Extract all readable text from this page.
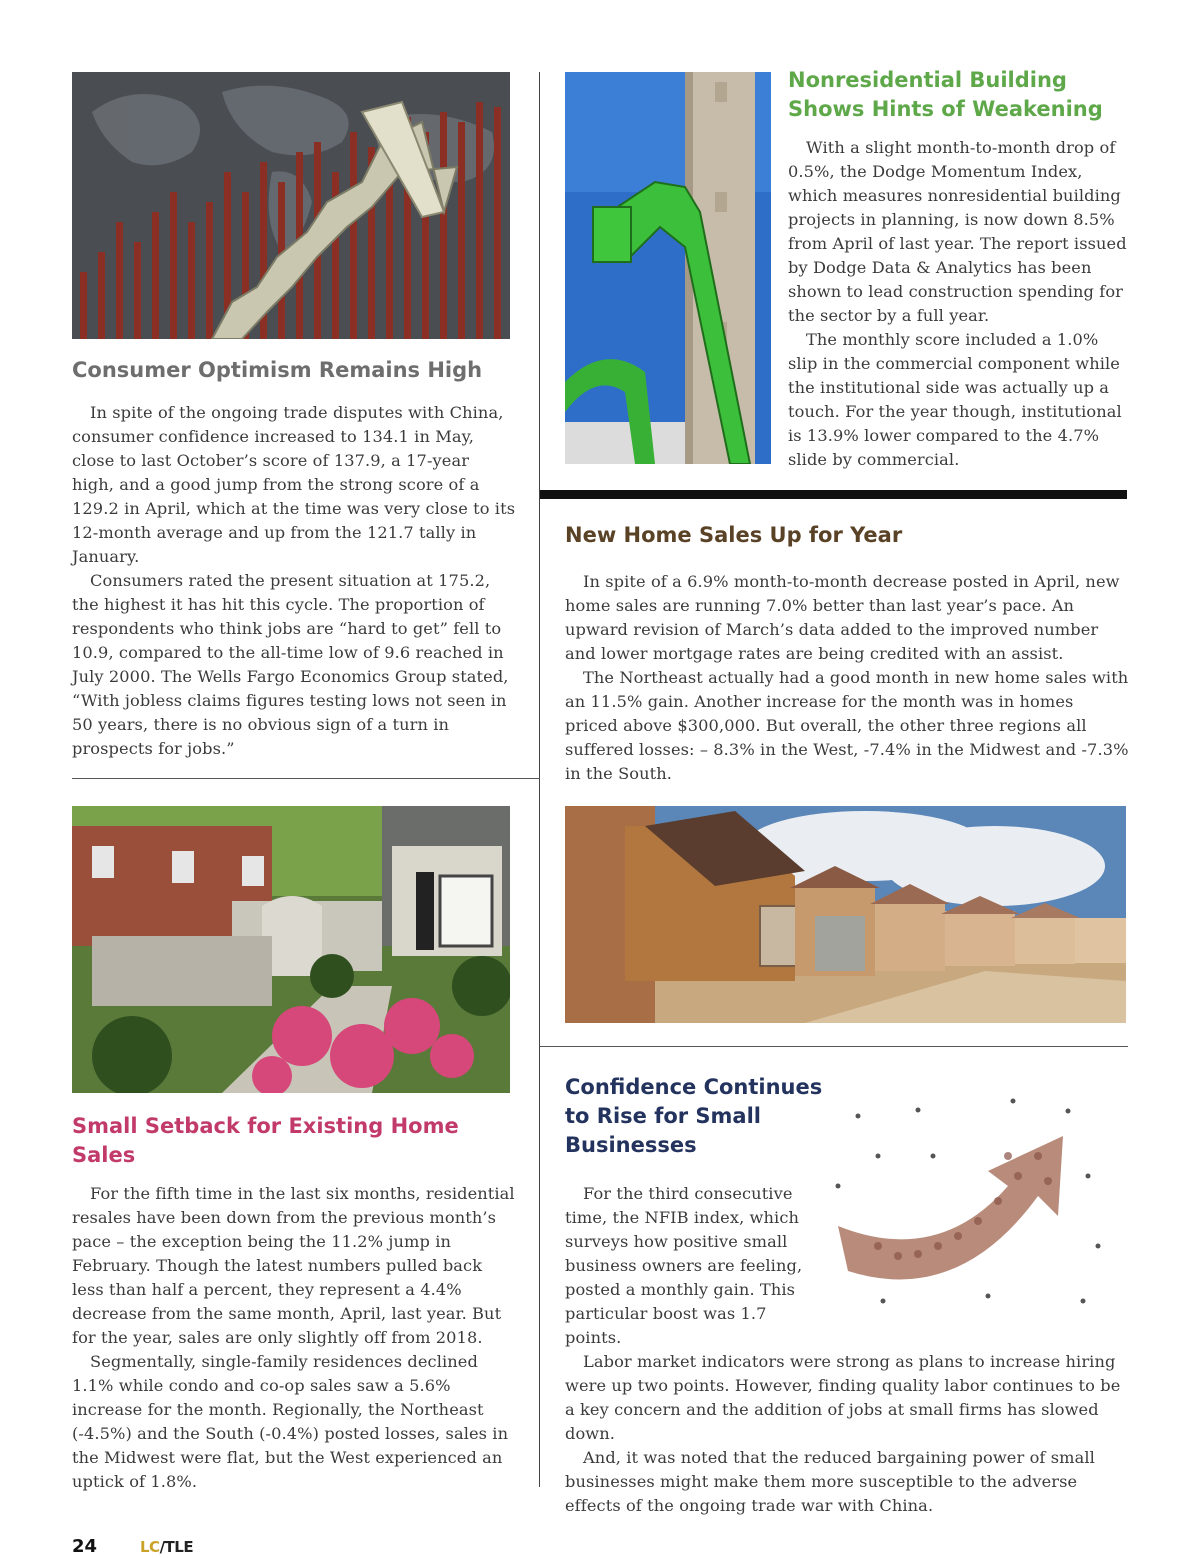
Consumer Optimism Remains High

In spite of the ongoing trade disputes with China, consumer confidence increased to 134.1 in May, close to last October’s score of 137.9, a 17-year high, and a good jump from the strong score of a 129.2 in April, which at the time was very close to its 12-month average and up from the 121.7 tally in January.

Consumers rated the present situation at 175.2, the highest it has hit this cycle. The proportion of respondents who think jobs are “hard to get” fell to 10.9, compared to the all-time low of 9.6 reached in July 2000. The Wells Fargo Economics Group stated, “With jobless claims figures testing lows not seen in 50 years, there is no obvious sign of a turn in prospects for jobs.”

Nonresidential Building Shows Hints of Weakening

With a slight month-to-month drop of 0.5%, the Dodge Momentum Index, which measures nonresidential building projects in planning, is now down 8.5% from April of last year. The report issued by Dodge Data & Analytics has been shown to lead construction spending for the sector by a full year.

The monthly score included a 1.0% slip in the commercial component while the institutional side was actually up a touch. For the year though, institutional is 13.9% lower compared to the 4.7% slide by commercial.

New Home Sales Up for Year

In spite of a 6.9% month-to-month decrease posted in April, new home sales are running 7.0% better than last year’s pace. An upward revision of March’s data added to the improved number and lower mortgage rates are being credited with an assist.

The Northeast actually had a good month in new home sales with an 11.5% gain. Another increase for the month was in homes priced above $300,000. But overall, the other three regions all suffered losses: – 8.3% in the West, -7.4% in the Midwest and -7.3% in the South.

Small Setback for Existing Home Sales

For the fifth time in the last six months, residential resales have been down from the previous month’s pace – the exception being the 11.2% jump in February. Though the latest numbers pulled back less than half a percent, they represent a 4.4% decrease from the same month, April, last year. But for the year, sales are only slightly off from 2018.

Segmentally, single-family residences declined 1.1% while condo and co-op sales saw a 5.6% increase for the month. Regionally, the Northeast (-4.5%) and the South (-0.4%) posted losses, sales in the Midwest were flat, but the West experienced an uptick of 1.8%.

Confidence Continues to Rise for Small Businesses

For the third consecutive time, the NFIB index, which surveys how positive small business owners are feeling, posted a monthly gain. This particular boost was 1.7 points.

Labor market indicators were strong as plans to increase hiring were up two points. However, finding quality labor continues to be a key concern and the addition of jobs at small firms has slowed down.

And, it was noted that the reduced bargaining power of small businesses might make them more susceptible to the adverse effects of the ongoing trade war with China.

24	LC/TLE
